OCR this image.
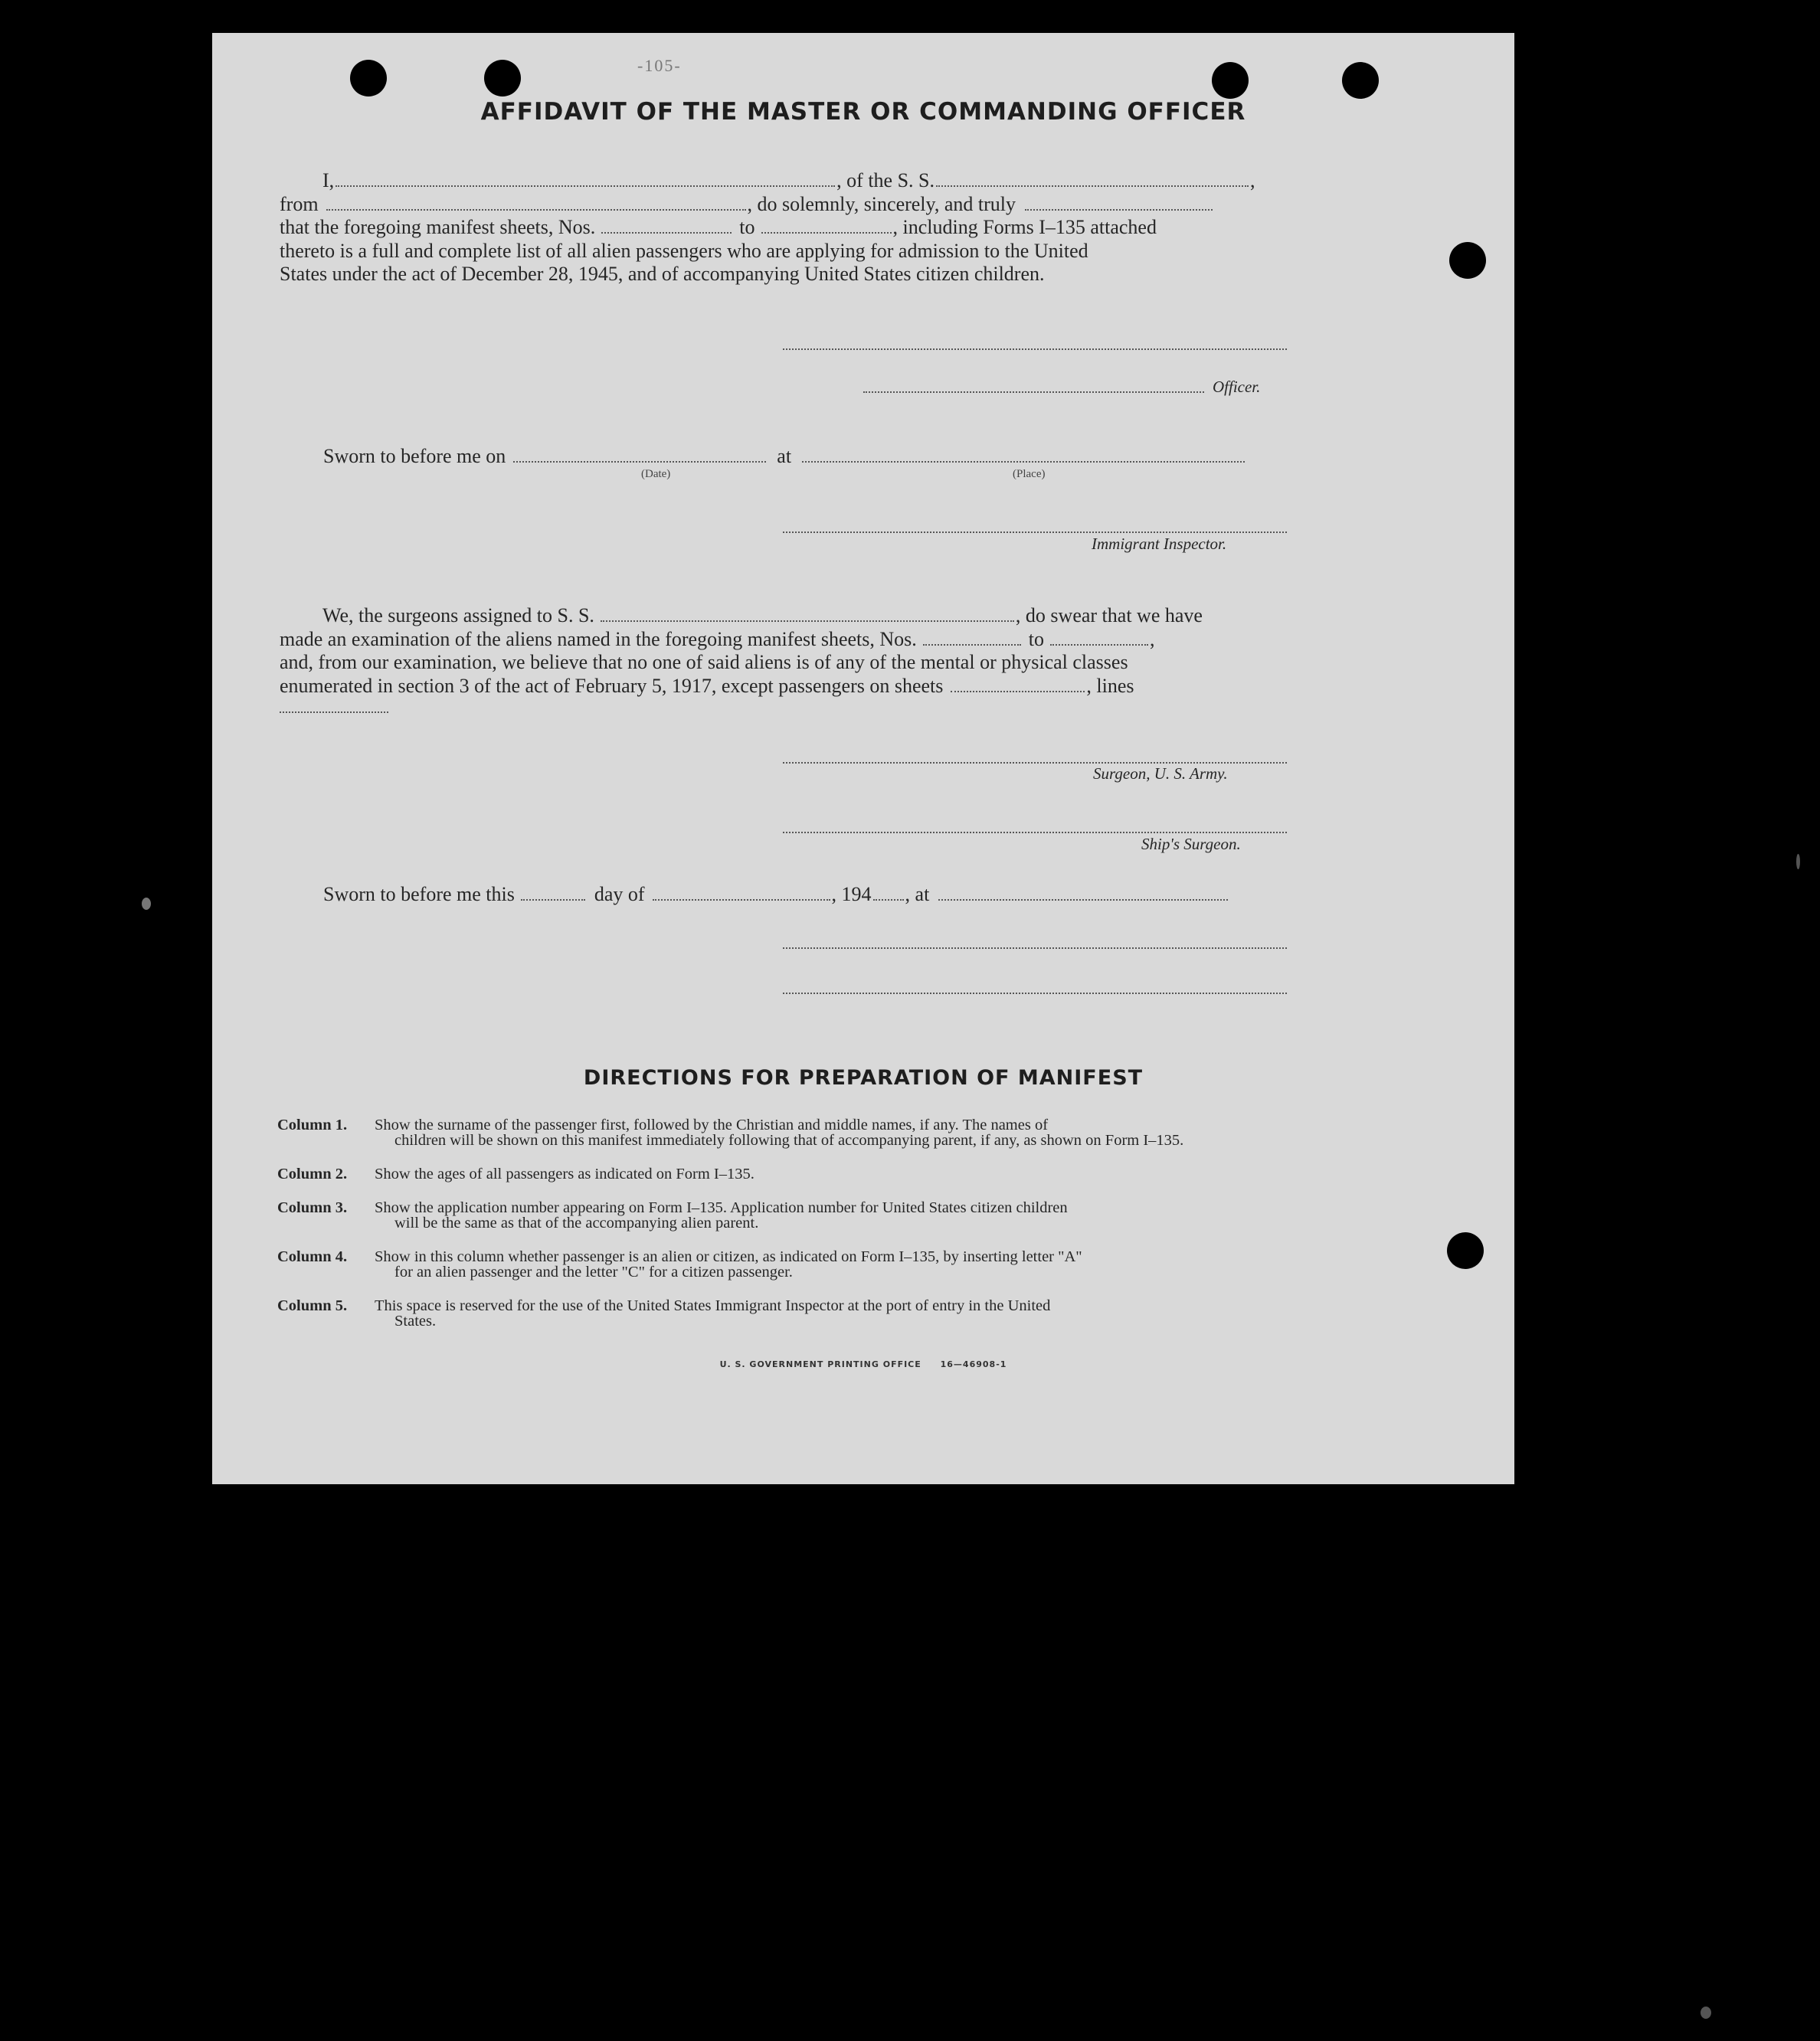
-105-
AFFIDAVIT OF THE MASTER OR COMMANDING OFFICER
I,	, of the S. S.	,
from	, do solemnly, sincerely, and truly
that the foregoing manifest sheets, Nos.	to	, including Forms I–135 attached
thereto is a full and complete list of all alien passengers who are applying for admission to the United
States under the act of December 28, 1945, and of accompanying United States citizen children.
Officer.
Sworn to before me on	at
(Date)	(Place)
Immigrant Inspector.
We, the surgeons assigned to S. S.	, do swear that we have
made an examination of the aliens named in the foregoing manifest sheets, Nos.	to	,
and, from our examination, we believe that no one of said aliens is of any of the mental or physical classes
enumerated in section 3 of the act of February 5, 1917, except passengers on sheets	, lines
Surgeon, U. S. Army.
Ship's Surgeon.
Sworn to before me this	day of	, 194 , at
DIRECTIONS FOR PREPARATION OF MANIFEST
Column 1.	Show the surname of the passenger first, followed by the Christian and middle names, if any. The names of
children will be shown on this manifest immediately following that of accompanying parent, if any, as shown on Form I–135.
Column 2.	Show the ages of all passengers as indicated on Form I–135.
Column 3.	Show the application number appearing on Form I–135. Application number for United States citizen children
will be the same as that of the accompanying alien parent.
Column 4.	Show in this column whether passenger is an alien or citizen, as indicated on Form I–135, by inserting letter "A"
for an alien passenger and the letter "C" for a citizen passenger.
Column 5.	This space is reserved for the use of the United States Immigrant Inspector at the port of entry in the United
States.
U. S. GOVERNMENT PRINTING OFFICE 16—46908-1
